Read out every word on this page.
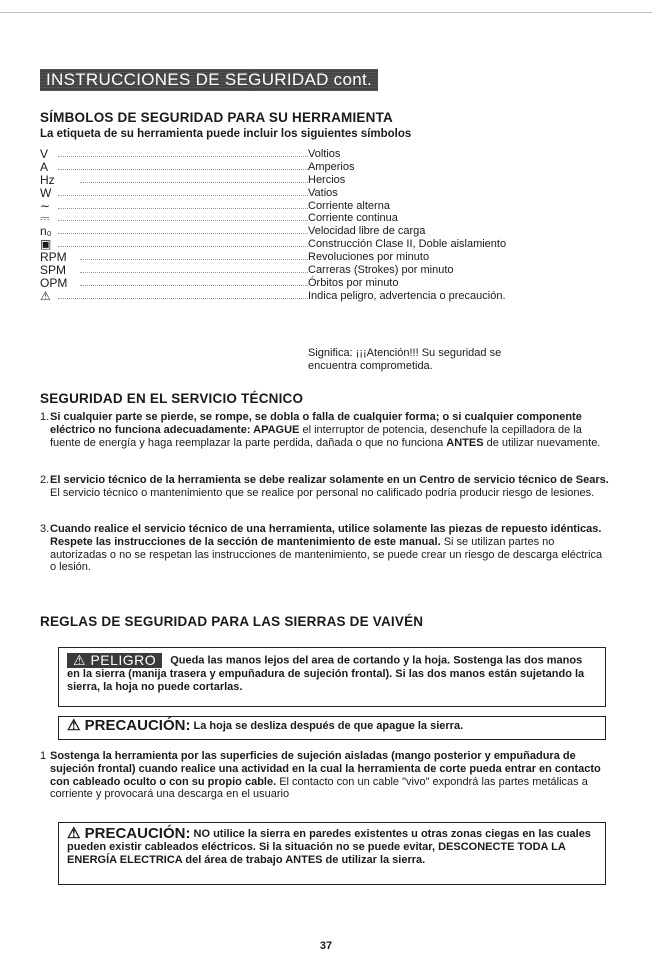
INSTRUCCIONES DE SEGURIDAD cont.
SÍMBOLOS DE SEGURIDAD PARA SU HERRAMIENTA
La etiqueta de su herramienta puede incluir los siguientes símbolos
V	Voltios
A	Amperios
Hz	Hercios
W	Vatios
∼	Corriente alterna
⎓	Corriente continua
n₀	Velocidad libre de carga
▣	Construcción Clase II, Doble aislamiento
RPM	Revoluciones por minuto
SPM	Carreras (Strokes) por minuto
OPM	Órbitos por minuto
⚠	Indica peligro, advertencia o precaución.
Significa: ¡¡¡Atención!!! Su seguridad se
encuentra comprometida.
SEGURIDAD EN EL SERVICIO TÉCNICO
1. Si cualquier parte se pierde, se rompe, se dobla o falla de cualquier forma; o si cualquier componente eléctrico no funciona adecuadamente: APAGUE el interruptor de potencia, desenchufe la cepilladora de la fuente de energía y haga reemplazar la parte perdida, dañada o que no funciona ANTES de utilizar nuevamente.
2. El servicio técnico de la herramienta se debe realizar solamente en un Centro de servicio técnico de Sears. El servicio técnico o mantenimiento que se realice por personal no calificado podría producir riesgo de lesiones.
3. Cuando realice el servicio técnico de una herramienta, utilice solamente las piezas de repuesto idénticas. Respete las instrucciones de la sección de mantenimiento de este manual. Si se utilizan partes no autorizadas o no se respetan las instrucciones de mantenimiento, se puede crear un riesgo de descarga eléctrica o lesión.
REGLAS DE SEGURIDAD PARA LAS SIERRAS DE VAIVÉN
⚠ PELIGRO Queda las manos lejos del area de cortando y la hoja. Sostenga las dos manos en la sierra (manija trasera y empuñadura de sujeción frontal). Si las dos manos están sujetando la sierra, la hoja no puede cortarlas.
⚠ PRECAUCIÓN: La hoja se desliza después de que apague la sierra.
1 Sostenga la herramienta por las superficies de sujeción aisladas (mango posterior y empuñadura de sujeción frontal) cuando realice una actividad en la cual la herramienta de corte pueda entrar en contacto con cableado oculto o con su propio cable. El contacto con un cable "vivo" expondrá las partes metálicas a corriente y provocará una descarga en el usuario
⚠ PRECAUCIÓN: NO utilice la sierra en paredes existentes u otras zonas ciegas en las cuales pueden existir cableados eléctricos. Si la situación no se puede evitar, DESCONECTE TODA LA ENERGÍA ELECTRICA del área de trabajo ANTES de utilizar la sierra.
37
